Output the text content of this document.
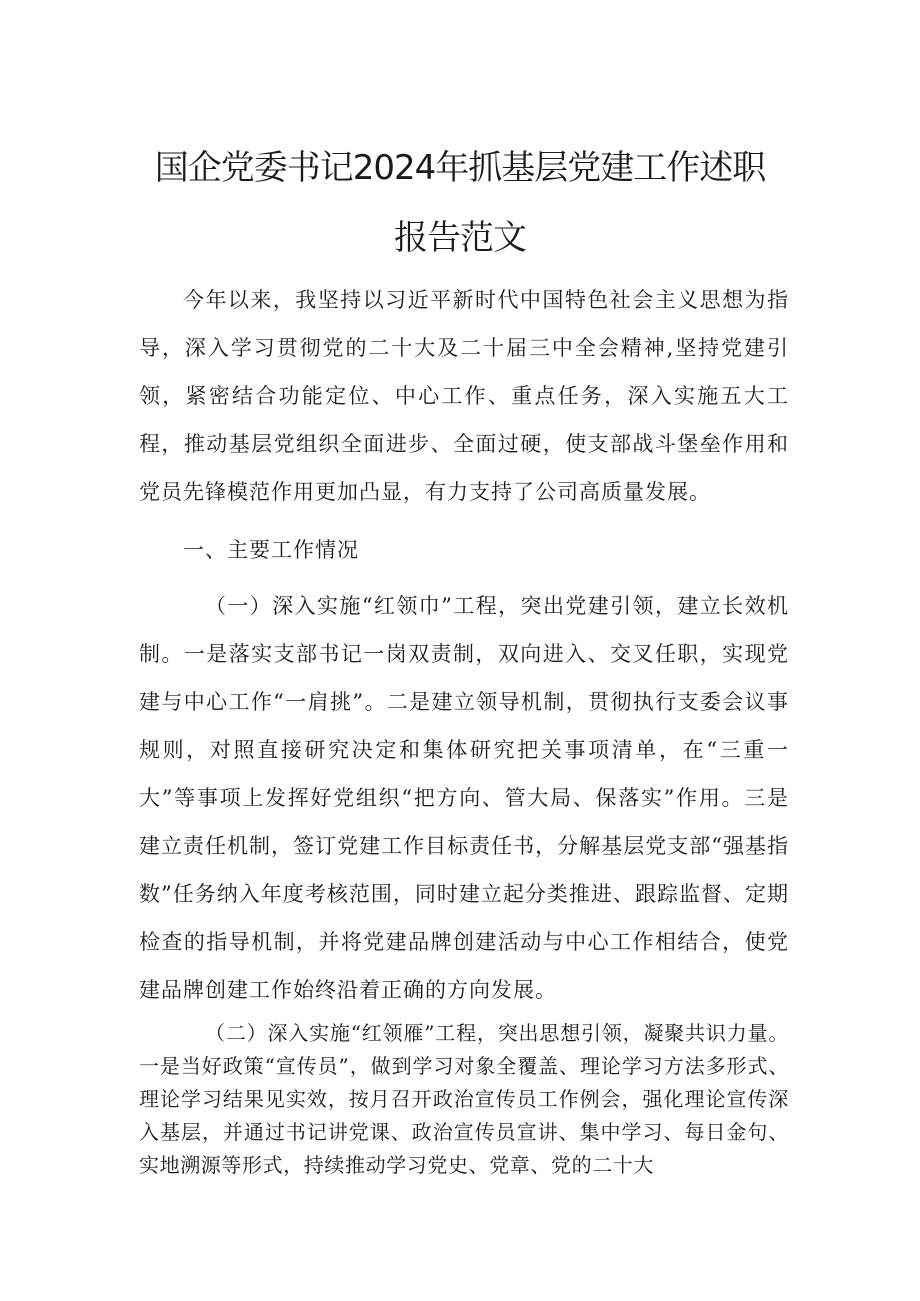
国企党委书记2024年抓基层党建工作述职
报告范文

今年以来，我坚持以习近平新时代中国特色社会主义思想为指导，深入学习贯彻党的二十大及二十届三中全会精神,坚持党建引领，紧密结合功能定位、中心工作、重点任务，深入实施五大工程，推动基层党组织全面进步、全面过硬，使支部战斗堡垒作用和党员先锋模范作用更加凸显，有力支持了公司高质量发展。

一、主要工作情况

（一）深入实施“红领巾”工程，突出党建引领，建立长效机制。一是落实支部书记一岗双责制，双向进入、交叉任职，实现党建与中心工作“一肩挑”。二是建立领导机制，贯彻执行支委会议事规则，对照直接研究决定和集体研究把关事项清单，在“三重一大”等事项上发挥好党组织“把方向、管大局、保落实”作用。三是建立责任机制，签订党建工作目标责任书，分解基层党支部“强基指数”任务纳入年度考核范围，同时建立起分类推进、跟踪监督、定期检查的指导机制，并将党建品牌创建活动与中心工作相结合，使党建品牌创建工作始终沿着正确的方向发展。

（二）深入实施“红领雁”工程，突出思想引领，凝聚共识力量。一是当好政策“宣传员”，做到学习对象全覆盖、理论学习方法多形式、理论学习结果见实效，按月召开政治宣传员工作例会，强化理论宣传深入基层，并通过书记讲党课、政治宣传员宣讲、集中学习、每日金句、实地溯源等形式，持续推动学习党史、党章、党的二十大
